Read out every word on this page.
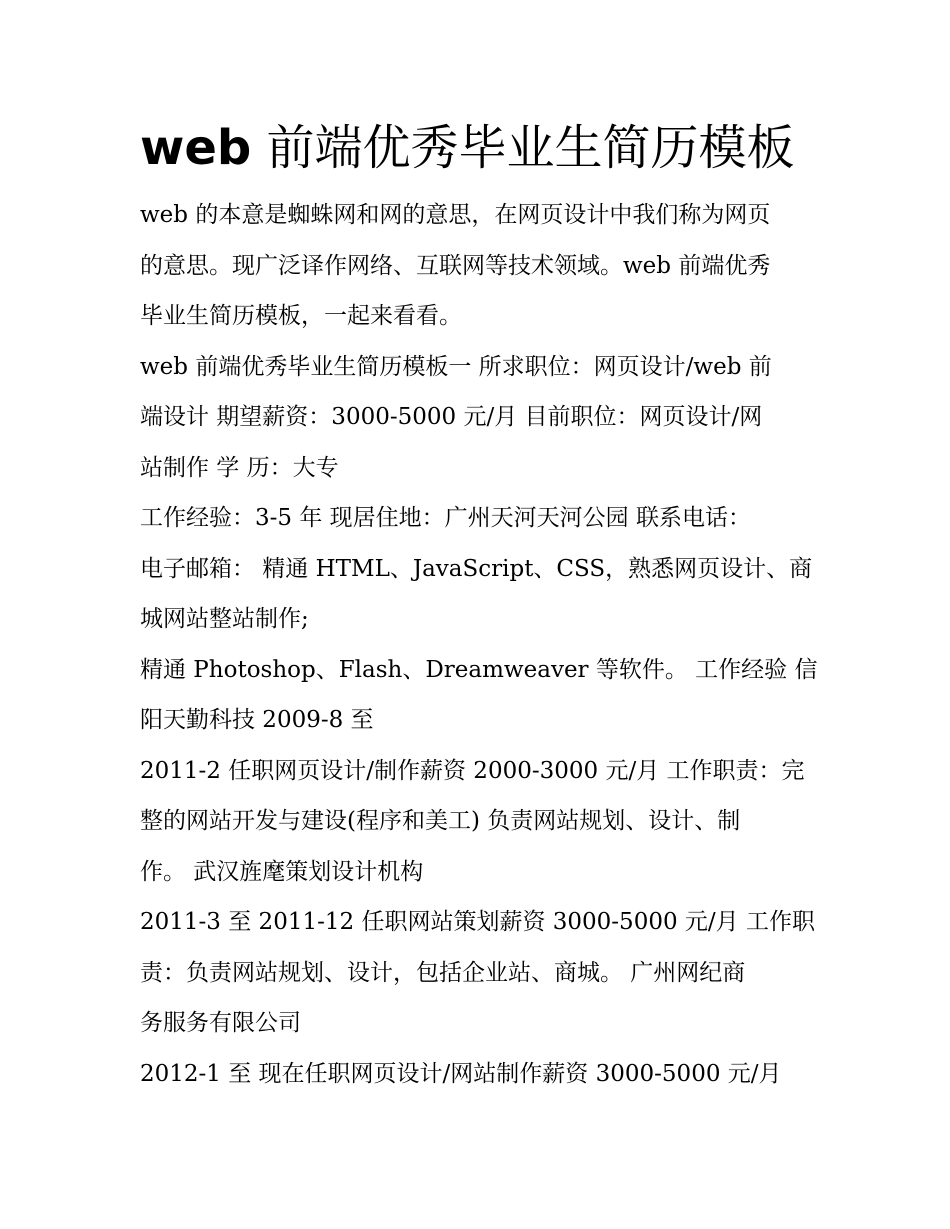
web 前端优秀毕业生简历模板

web 的本意是蜘蛛网和网的意思，在网页设计中我们称为网页
的意思。现广泛译作网络、互联网等技术领域。web 前端优秀
毕业生简历模板，一起来看看。

web 前端优秀毕业生简历模板一 所求职位：网页设计/web 前
端设计 期望薪资：3000-5000 元/月 目前职位：网页设计/网
站制作 学 历：大专

工作经验：3-5 年 现居住地：广州天河天河公园 联系电话：
电子邮箱： 精通 HTML、JavaScript、CSS，熟悉网页设计、商
城网站整站制作;

精通 Photoshop、Flash、Dreamweaver 等软件。 工作经验 信
阳天勤科技 2009-8 至

2011-2 任职网页设计/制作薪资 2000-3000 元/月 工作职责：完
整的网站开发与建设(程序和美工) 负责网站规划、设计、制
作。 武汉旌麾策划设计机构

2011-3 至 2011-12 任职网站策划薪资 3000-5000 元/月 工作职
责：负责网站规划、设计，包括企业站、商城。 广州网纪商
务服务有限公司

2012-1 至 现在任职网页设计/网站制作薪资 3000-5000 元/月
